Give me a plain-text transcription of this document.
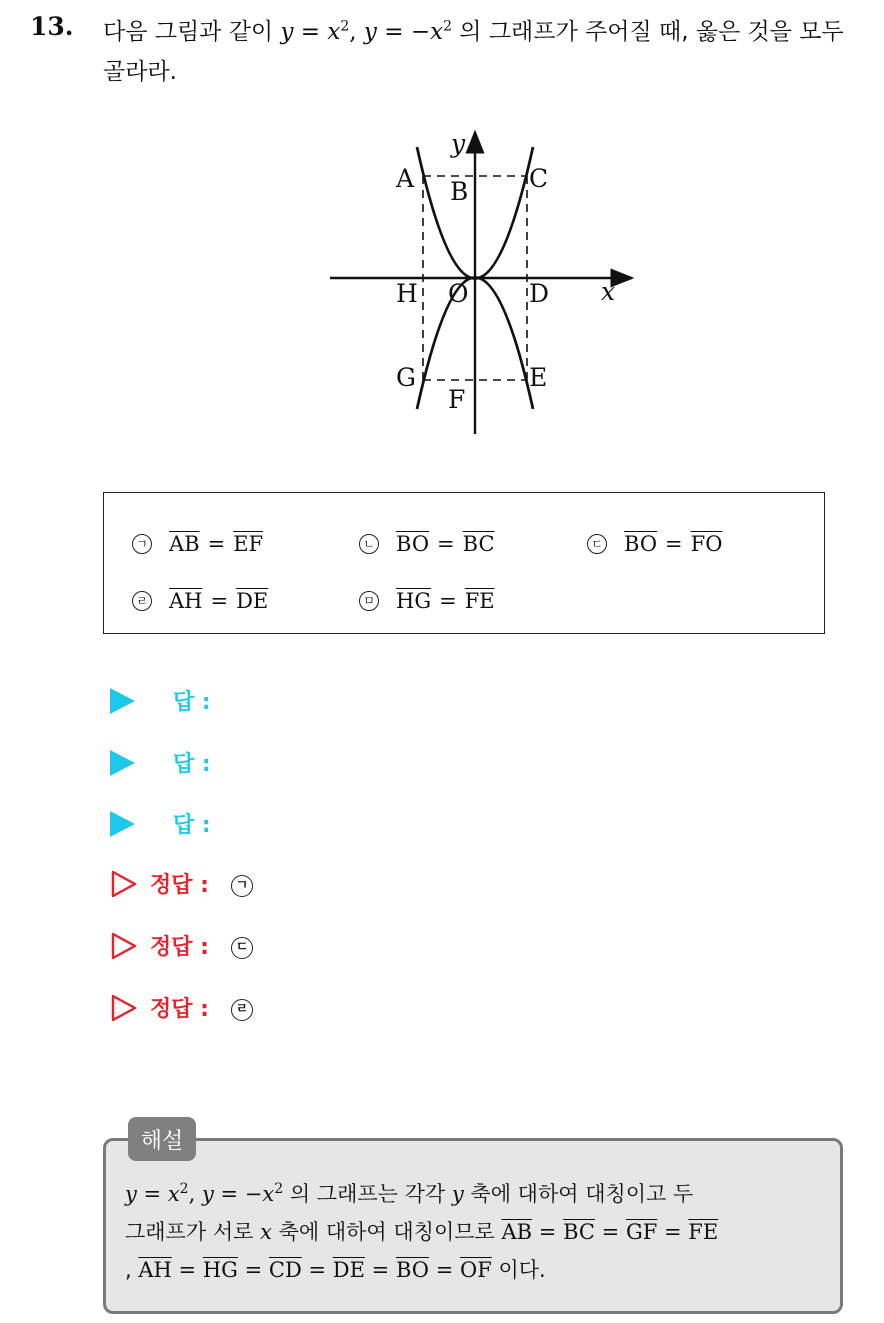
13. 다음 그림과 같이 $y = x^2$, $y = -x^2$ 의 그래프가 주어질 때, 옳은 것을 모두 골라라.
y
x
A B C
H O D
G
F
E
ㄱ $\overline{AB} = \overline{EF}$	ㄴ $\overline{BO} = \overline{BC}$	ㄷ $\overline{BO} = \overline{FO}$
ㄹ $\overline{AH} = \overline{DE}$	ㅁ $\overline{HG} = \overline{FE}$
답 :
답 :
답 :
정답 :	ㄱ
정답 :	ㄷ
정답 :	ㄹ
해설
$y = x^2$, $y = -x^2$ 의 그래프는 각각 y 축에 대하여 대칭이고 두
그래프가 서로 x 축에 대하여 대칭이므로 $\overline{AB} = \overline{BC} = \overline{GF} = \overline{FE}$
, $\overline{AH} = \overline{HG} = \overline{CD} = \overline{DE} = \overline{BO} = \overline{OF}$ 이다.
